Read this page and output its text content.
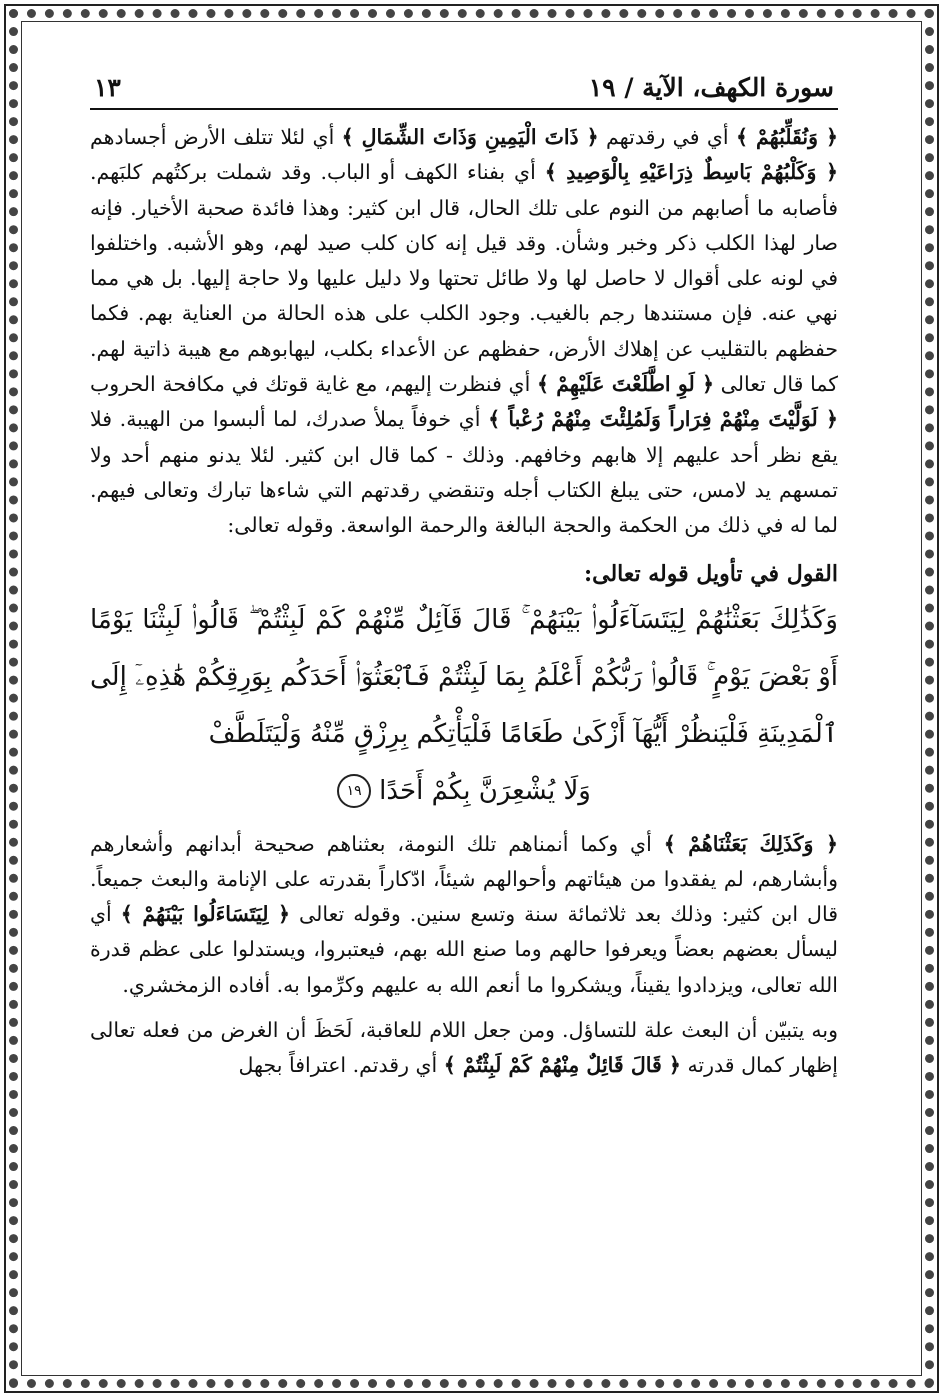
سورة الكهف، الآية / ١٩
١٣

﴿ وَنُقَلِّبُهُمْ ﴾ أي في رقدتهم ﴿ ذَاتَ الْيَمِينِ وَذَاتَ الشِّمَالِ ﴾ أي لئلا تتلف الأرض أجسادهم ﴿ وَكَلْبُهُمْ بَاسِطٌ ذِرَاعَيْهِ بِالْوَصِيدِ ﴾ أي بفناء الكهف أو الباب. وقد شملت بركتُهم كلبَهم. فأصابه ما أصابهم من النوم على تلك الحال، قال ابن كثير: وهذا فائدة صحبة الأخيار. فإنه صار لهذا الكلب ذكر وخبر وشأن. وقد قيل إنه كان كلب صيد لهم، وهو الأشبه. واختلفوا في لونه على أقوال لا حاصل لها ولا طائل تحتها ولا دليل عليها ولا حاجة إليها. بل هي مما نهي عنه. فإن مستندها رجم بالغيب. وجود الكلب على هذه الحالة من العناية بهم. فكما حفظهم بالتقليب عن إهلاك الأرض، حفظهم عن الأعداء بكلب، ليهابوهم مع هيبة ذاتية لهم. كما قال تعالى ﴿ لَوِ اطَّلَعْتَ عَلَيْهِمْ ﴾ أي فنظرت إليهم، مع غاية قوتك في مكافحة الحروب ﴿ لَوَلَّيْتَ مِنْهُمْ فِرَاراً وَلَمُلِئْتَ مِنْهُمْ رُعْباً ﴾ أي خوفاً يملأ صدرك، لما ألبسوا من الهيبة. فلا يقع نظر أحد عليهم إلا هابهم وخافهم. وذلك - كما قال ابن كثير. لئلا يدنو منهم أحد ولا تمسهم يد لامس، حتى يبلغ الكتاب أجله وتنقضي رقدتهم التي شاءها تبارك وتعالى فيهم. لما له في ذلك من الحكمة والحجة البالغة والرحمة الواسعة. وقوله تعالى:

القول في تأويل قوله تعالى:

وَكَذَٰلِكَ بَعَثْنَٰهُمْ لِيَتَسَآءَلُوا۟ بَيْنَهُمْ ۚ قَالَ قَآئِلٌ مِّنْهُمْ كَمْ لَبِثْتُمْ ۖ قَالُوا۟ لَبِثْنَا يَوْمًا أَوْ بَعْضَ يَوْمٍ ۚ قَالُوا۟ رَبُّكُمْ أَعْلَمُ بِمَا لَبِثْتُمْ فَٱبْعَثُوٓا۟ أَحَدَكُم بِوَرِقِكُمْ هَٰذِهِۦٓ إِلَى ٱلْمَدِينَةِ فَلْيَنظُرْ أَيُّهَآ أَزْكَىٰ طَعَامًا فَلْيَأْتِكُم بِرِزْقٍ مِّنْهُ وَلْيَتَلَطَّفْ

وَلَا يُشْعِرَنَّ بِكُمْ أَحَدًا١٩

﴿ وَكَذَلِكَ بَعَثْنَاهُمْ ﴾ أي وكما أنمناهم تلك النومة، بعثناهم صحيحة أبدانهم وأشعارهم وأبشارهم، لم يفقدوا من هيئاتهم وأحوالهم شيئاً، ادّكاراً بقدرته على الإنامة والبعث جميعاً. قال ابن كثير: وذلك بعد ثلاثمائة سنة وتسع سنين. وقوله تعالى ﴿ لِيَتَسَاءَلُوا بَيْنَهُمْ ﴾ أي ليسأل بعضهم بعضاً ويعرفوا حالهم وما صنع الله بهم، فيعتبروا، ويستدلوا على عظم قدرة الله تعالى، ويزدادوا يقيناً، ويشكروا ما أنعم الله به عليهم وكرِّموا به. أفاده الزمخشري.

وبه يتبيّن أن البعث علة للتساؤل. ومن جعل اللام للعاقبة، لَحَظَ أن الغرض من فعله تعالى إظهار كمال قدرته ﴿ قَالَ قَائِلٌ مِنْهُمْ كَمْ لَبِثْتُمْ ﴾ أي رقدتم. اعترافاً بجهل
